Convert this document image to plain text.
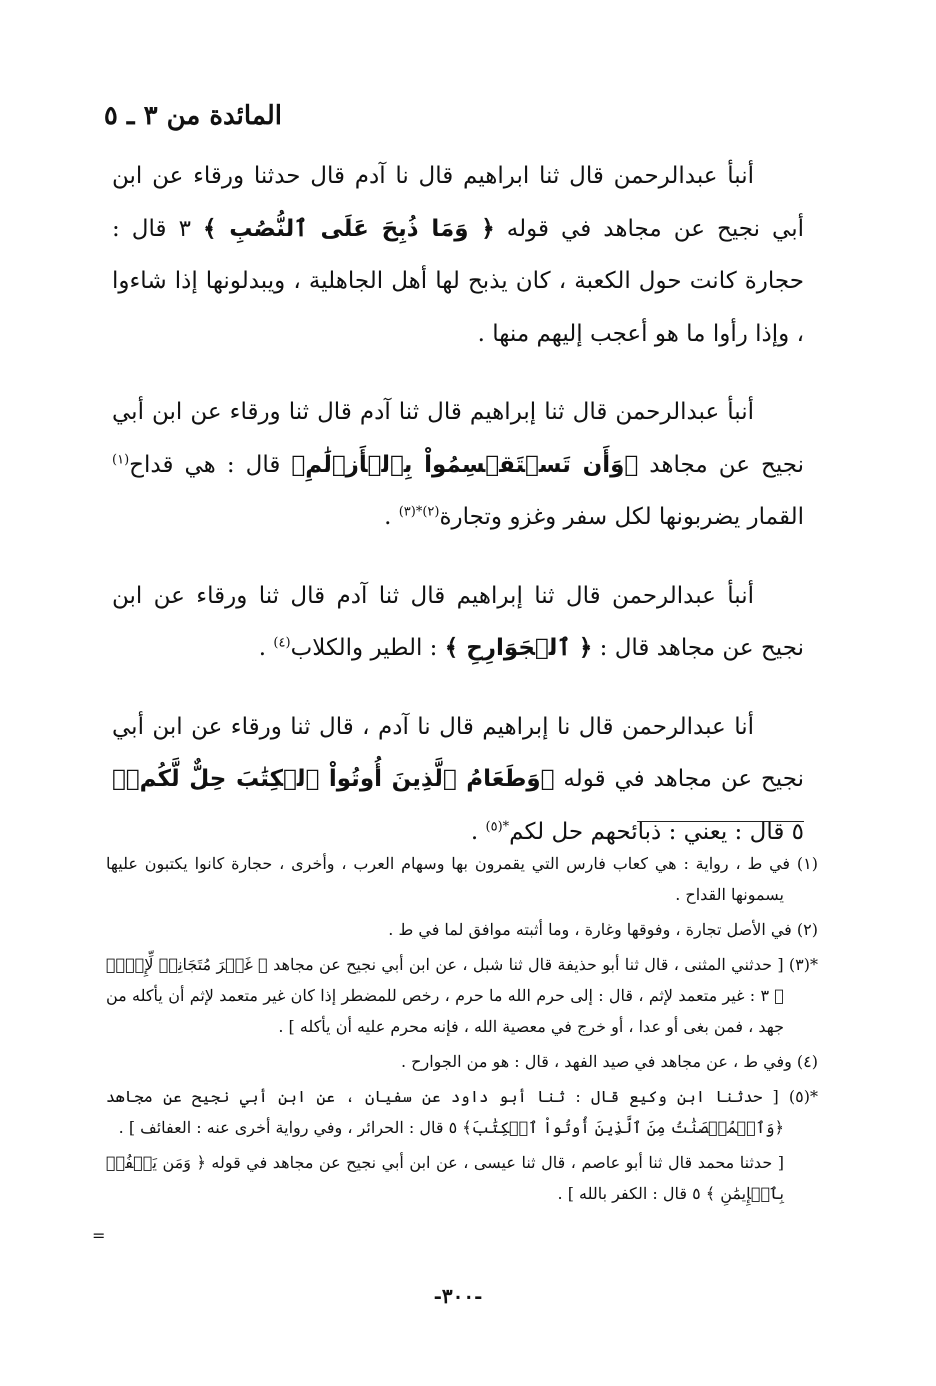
المائدة من ٣ ـ ٥

أنبأ عبدالرحمن قال ثنا ابراهيم قال نا آدم قال حدثنا ورقاء عن ابن أبي نجيح عن مجاهد في قوله ﴿ وَمَا ذُبِحَ عَلَى ٱلنُّصُبِ ﴾ ٣ قال : حجارة كانت حول الكعبة ، كان يذبح لها أهل الجاهلية ، ويبدلونها إذا شاءوا ، وإذا رأوا ما هو أعجب إليهم منها .

أنبأ عبدالرحمن قال ثنا إبراهيم قال ثنا آدم قال ثنا ورقاء عن ابن أبي نجيح عن مجاهد ﴿وَأَن تَسۡتَقۡسِمُواْ بِٱلۡأَزۡلَٰمِ﴾ قال : هي قداح$^{(١)}$ القمار يضربونها لكل سفر وغزو وتجارة$^{(٢)*(٣)}$ .

أنبأ عبدالرحمن قال ثنا إبراهيم قال ثنا آدم قال ثنا ورقاء عن ابن نجيح عن مجاهد قال : ﴿ ٱلۡجَوَارِحِ ﴾ : الطير والكلاب$^{(٤)}$ .

أنا عبدالرحمن قال نا إبراهيم قال نا آدم ، قال ثنا ورقاء عن ابن أبي نجيح عن مجاهد في قوله ﴿وَطَعَامُ ٱلَّذِينَ أُوتُواْ ٱلۡكِتَٰبَ حِلٌّ لَّكُمۡ﴾ ٥ قال : يعني : ذبائحهم حل لكم$^{*(٥)}$ .

(١) في ط ، رواية : هي كعاب فارس التي يقمرون بها وسهام العرب ، وأخرى ، حجارة كانوا يكتبون عليها يسمونها القداح .

(٢) في الأصل تجارة ، وفوقها وغارة ، وما أثبته موافق لما في ط .

*(٣) [ حدثني المثنى ، قال ثنا أبو حذيفة قال ثنا شبل ، عن ابن أبي نجيح عن مجاهد ﴿ غَيۡرَ مُتَجَانِفٖ لِّإِثۡمٖ ﴾ ٣ : غير متعمد لإثم ، قال : إلى حرم الله ما حرم ، رخص للمضطر إذا كان غير متعمد لإثم أن يأكله من جهد ، فمن بغى أو عدا ، أو خرج في معصية الله ، فإنه محرم عليه أن يأكله ] .

(٤) وفي ط ، عن مجاهد في صيد الفهد ، قال : هو من الجوارح .

*(٥) [ حدثنا ابن وكيع قال : ثنا أبو داود عن سفيان ، عن ابن أبي نجيح عن مجاهد ﴿وَٱلۡمُحۡصَنَٰتُ مِنَ ٱلَّذِينَ أُوتُواْ ٱلۡكِتَٰبَ﴾ ٥ قال : الحرائر ، وفي رواية أخرى عنه : العفائف ] .

[ حدثنا محمد قال ثنا أبو عاصم ، قال ثنا عيسى ، عن ابن أبي نجيح عن مجاهد في قوله ﴿ وَمَن يَكۡفُرۡ بِٱلۡإِيمَٰنِ ﴾ ٥ قال : الكفر بالله ] .

=
-٣٠٠-
